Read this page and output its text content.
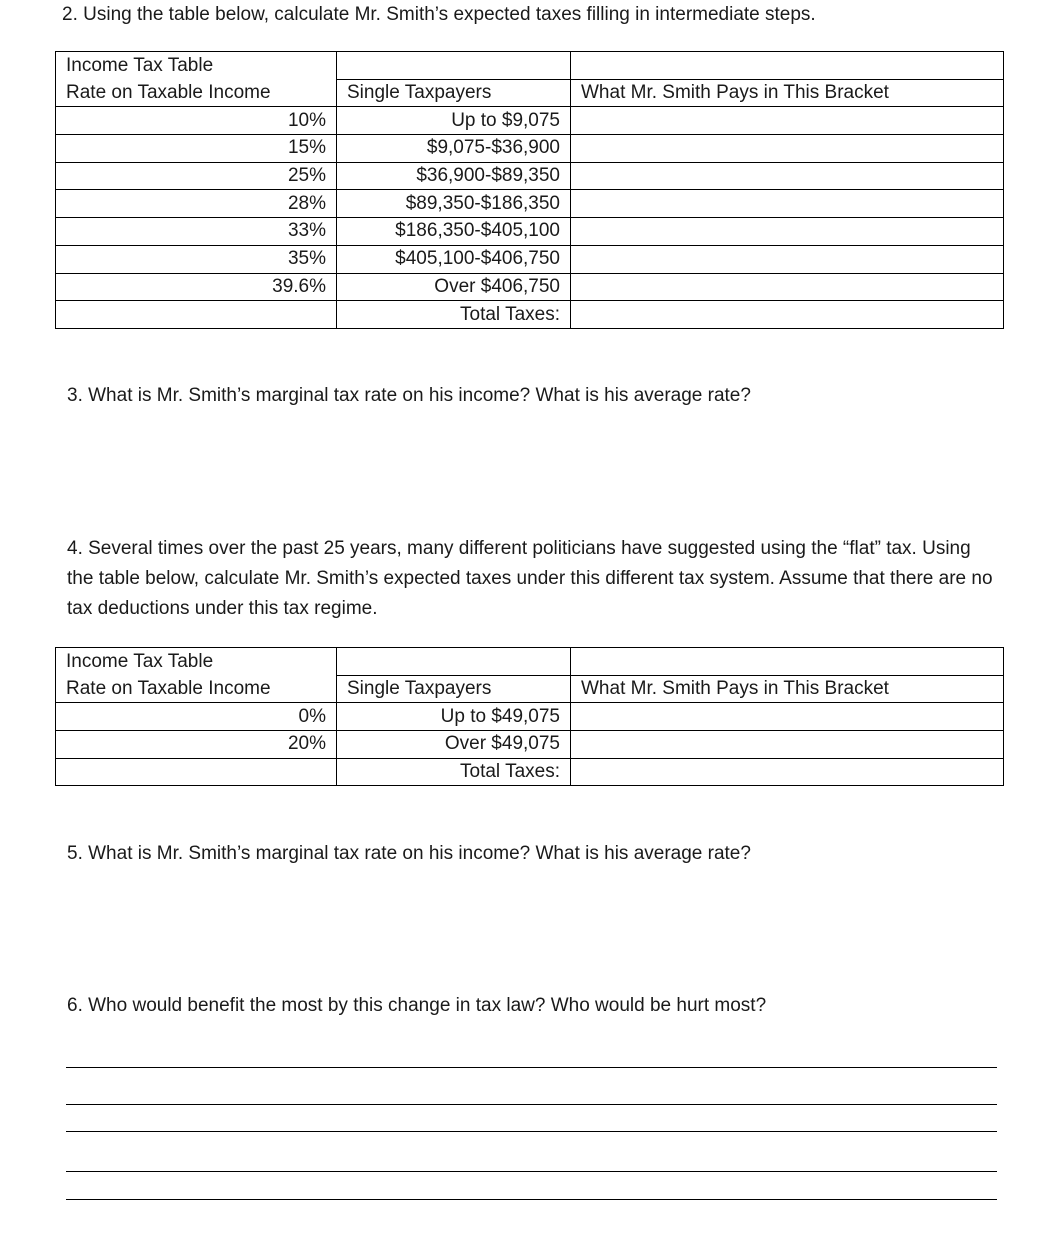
2. Using the table below, calculate Mr. Smith’s expected taxes filling in intermediate steps.

Income Tax Table		
Rate on Taxable Income	Single Taxpayers	What Mr. Smith Pays in This Bracket
10%	Up to $9,075	
15%	$9,075-$36,900	
25%	$36,900-$89,350	
28%	$89,350-$186,350	
33%	$186,350-$405,100	
35%	$405,100-$406,750	
39.6%	Over $406,750	
	Total Taxes:	

3. What is Mr. Smith’s marginal tax rate on his income? What is his average rate?

4. Several times over the past 25 years, many different politicians have suggested using the “flat” tax. Using the table below, calculate Mr. Smith’s expected taxes under this different tax system. Assume that there are no tax deductions under this tax regime.

Income Tax Table		
Rate on Taxable Income	Single Taxpayers	What Mr. Smith Pays in This Bracket
0%	Up to $49,075	
20%	Over $49,075	
	Total Taxes:	

5. What is Mr. Smith’s marginal tax rate on his income? What is his average rate?

6. Who would benefit the most by this change in tax law? Who would be hurt most?
